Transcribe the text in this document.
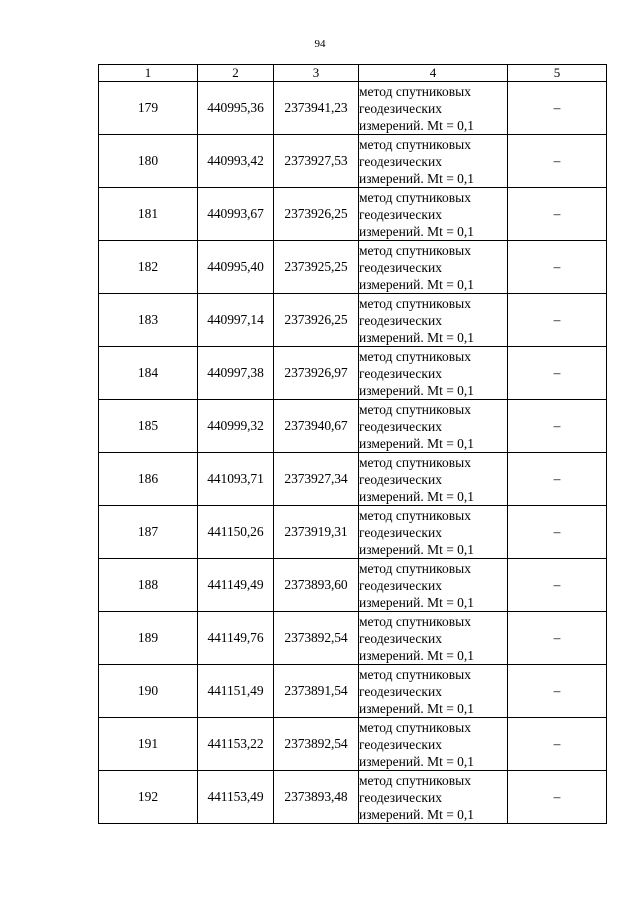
94
1	2	3	4	5
179	440995,36	2373941,23	метод спутниковых
геодезических
измерений. Mt = 0,1	–
180	440993,42	2373927,53	метод спутниковых
геодезических
измерений. Mt = 0,1	–
181	440993,67	2373926,25	метод спутниковых
геодезических
измерений. Mt = 0,1	–
182	440995,40	2373925,25	метод спутниковых
геодезических
измерений. Mt = 0,1	–
183	440997,14	2373926,25	метод спутниковых
геодезических
измерений. Mt = 0,1	–
184	440997,38	2373926,97	метод спутниковых
геодезических
измерений. Mt = 0,1	–
185	440999,32	2373940,67	метод спутниковых
геодезических
измерений. Mt = 0,1	–
186	441093,71	2373927,34	метод спутниковых
геодезических
измерений. Mt = 0,1	–
187	441150,26	2373919,31	метод спутниковых
геодезических
измерений. Mt = 0,1	–
188	441149,49	2373893,60	метод спутниковых
геодезических
измерений. Mt = 0,1	–
189	441149,76	2373892,54	метод спутниковых
геодезических
измерений. Mt = 0,1	–
190	441151,49	2373891,54	метод спутниковых
геодезических
измерений. Mt = 0,1	–
191	441153,22	2373892,54	метод спутниковых
геодезических
измерений. Mt = 0,1	–
192	441153,49	2373893,48	метод спутниковых
геодезических
измерений. Mt = 0,1	–
